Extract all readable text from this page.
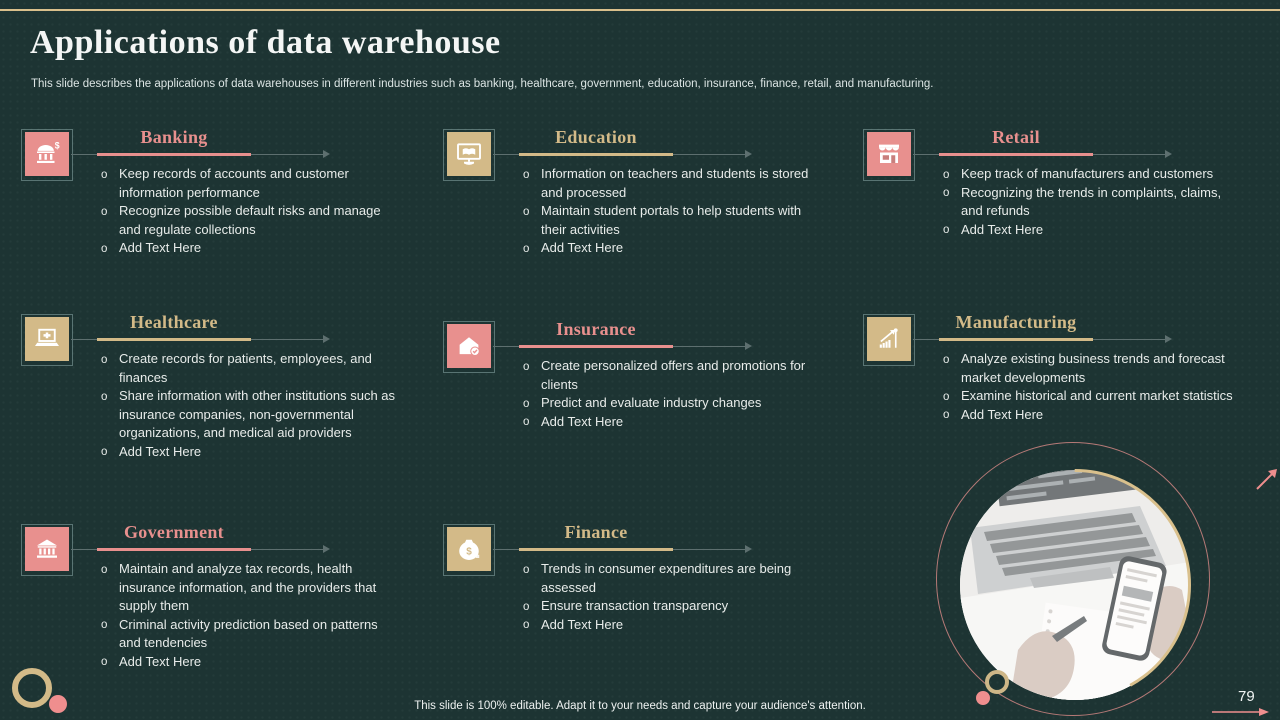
Applications of data warehouse
This slide describes the applications of data warehouses in different industries such as banking, healthcare, government, education, insurance, finance, retail, and manufacturing.
$	Banking
o Keep records of accounts and customer information performance
o Recognize possible default risks and manage and regulate collections
o Add Text Here
Education
o Information on teachers and students is stored and processed
o Maintain student portals to help students with their activities
o Add Text Here
Retail
o Keep track of manufacturers and customers
o Recognizing the trends in complaints, claims, and refunds
o Add Text Here
Healthcare
o Create records for patients, employees, and finances
o Share information with other institutions such as insurance companies, non-governmental organizations, and medical aid providers
o Add Text Here
Insurance
o Create personalized offers and promotions for clients
o Predict and evaluate industry changes
o Add Text Here
Manufacturing
o Analyze existing business trends and forecast market developments
o Examine historical and current market statistics
o Add Text Here
Government
o Maintain and analyze tax records, health insurance information, and the providers that supply them
o Criminal activity prediction based on patterns and tendencies
o Add Text Here
$
Finance
o Trends in consumer expenditures are being assessed
o Ensure transaction transparency
o Add Text Here
This slide is 100% editable. Adapt it to your needs and capture your audience's attention.
79
